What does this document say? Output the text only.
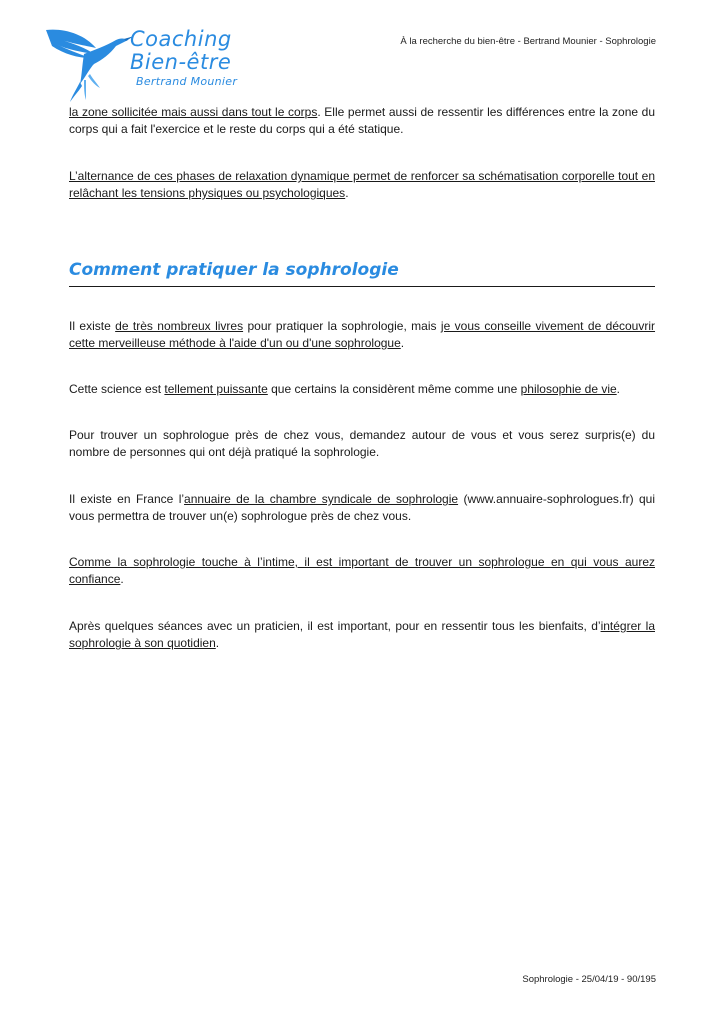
Coaching
Bien-être
Bertrand Mounier
À la recherche du bien-être - Bertrand Mounier - Sophrologie

la zone sollicitée mais aussi dans tout le corps. Elle permet aussi de ressentir les différences entre la zone du corps qui a fait l'exercice et le reste du corps qui a été statique.

L’alternance de ces phases de relaxation dynamique permet de renforcer sa schématisation corporelle tout en relâchant les tensions physiques ou psychologiques.

Comment pratiquer la sophrologie

Il existe de très nombreux livres pour pratiquer la sophrologie, mais je vous conseille vivement de découvrir cette merveilleuse méthode à l'aide d'un ou d'une sophrologue.

Cette science est tellement puissante que certains la considèrent même comme une philosophie de vie.

Pour trouver un sophrologue près de chez vous, demandez autour de vous et vous serez surpris(e) du nombre de personnes qui ont déjà pratiqué la sophrologie.

Il existe en France l’annuaire de la chambre syndicale de sophrologie (www.annuaire-sophrologues.fr) qui vous permettra de trouver un(e) sophrologue près de chez vous.

Comme la sophrologie touche à l’intime, il est important de trouver un sophrologue en qui vous aurez confiance.

Après quelques séances avec un praticien, il est important, pour en ressentir tous les bienfaits, d’intégrer la sophrologie à son quotidien.

Sophrologie - 25/04/19 - 90/195
